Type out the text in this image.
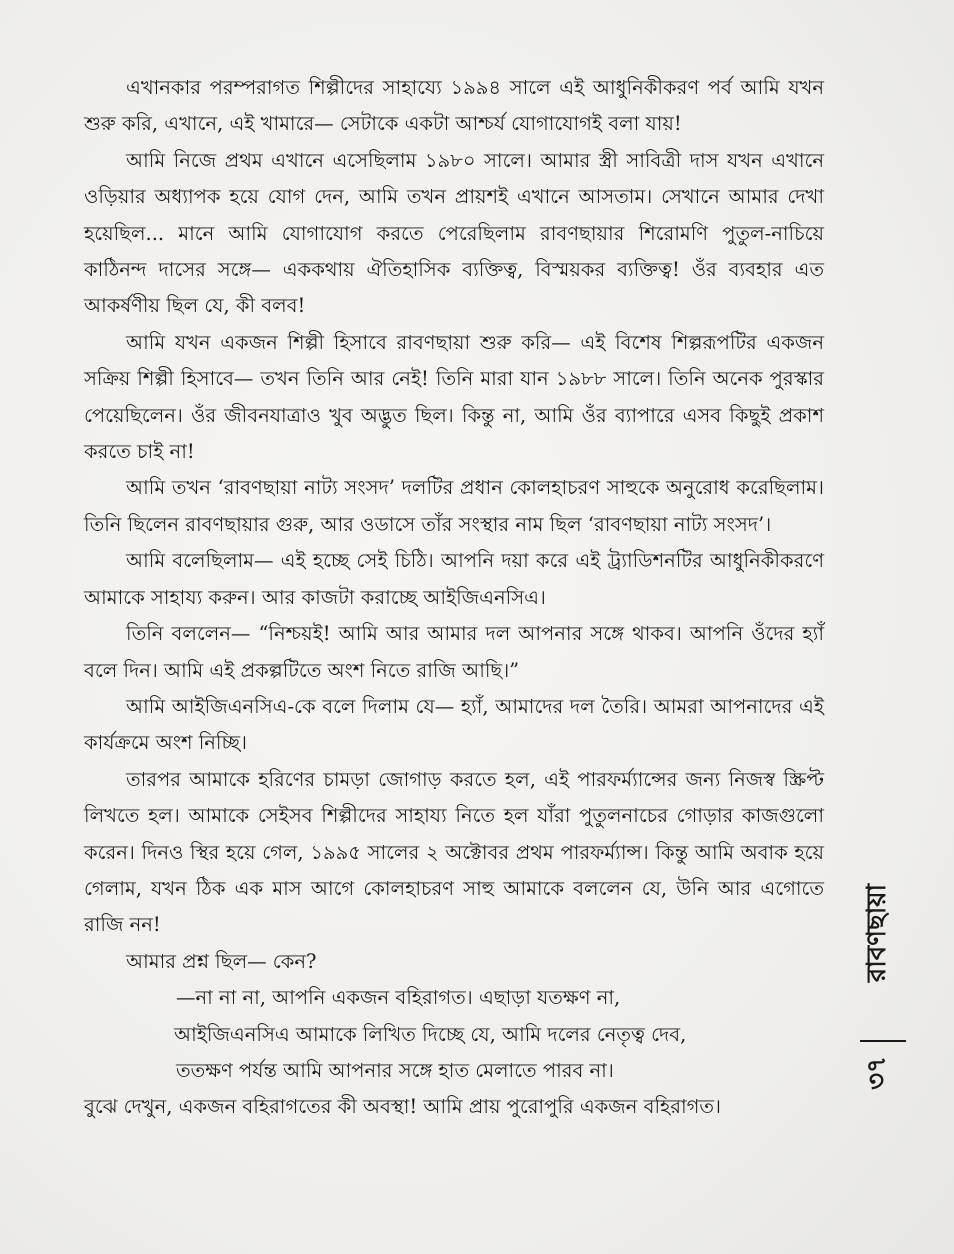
এখানকার পরম্পরাগত শিল্পীদের সাহায্যে ১৯৯৪ সালে এই আধুনিকীকরণ পর্ব আমি যখন শুরু করি, এখানে, এই খামারে— সেটাকে একটা আশ্চর্য যোগাযোগই বলা যায়!

আমি নিজে প্রথম এখানে এসেছিলাম ১৯৮০ সালে। আমার স্ত্রী সাবিত্রী দাস যখন এখানে ওড়িয়ার অধ্যাপক হয়ে যোগ দেন, আমি তখন প্রায়শই এখানে আসতাম। সেখানে আমার দেখা হয়েছিল... মানে আমি যোগাযোগ করতে পেরেছিলাম রাবণছায়ার শিরোমণি পুতুল-নাচিয়ে কাঠিনন্দ দাসের সঙ্গে— এককথায় ঐতিহাসিক ব্যক্তিত্ব, বিস্ময়কর ব্যক্তিত্ব! ওঁর ব্যবহার এত আকর্ষণীয় ছিল যে, কী বলব!

আমি যখন একজন শিল্পী হিসাবে রাবণছায়া শুরু করি— এই বিশেষ শিল্পরূপটির একজন সক্রিয় শিল্পী হিসাবে— তখন তিনি আর নেই! তিনি মারা যান ১৯৮৮ সালে। তিনি অনেক পুরস্কার পেয়েছিলেন। ওঁর জীবনযাত্রাও খুব অদ্ভুত ছিল। কিন্তু না, আমি ওঁর ব্যাপারে এসব কিছুই প্রকাশ করতে চাই না!

আমি তখন ‘রাবণছায়া নাট্য সংসদ’ দলটির প্রধান কোলহাচরণ সাহুকে অনুরোধ করেছিলাম। তিনি ছিলেন রাবণছায়ার গুরু, আর ওডাসে তাঁর সংস্থার নাম ছিল ‘রাবণছায়া নাট্য সংসদ’।

আমি বলেছিলাম— এই হচ্ছে সেই চিঠি। আপনি দয়া করে এই ট্র্যাডিশনটির আধুনিকীকরণে আমাকে সাহায্য করুন। আর কাজটা করাচ্ছে আইজিএনসিএ।

তিনি বললেন— “নিশ্চয়ই! আমি আর আমার দল আপনার সঙ্গে থাকব। আপনি ওঁদের হ্যাঁ বলে দিন। আমি এই প্রকল্পটিতে অংশ নিতে রাজি আছি।”

আমি আইজিএনসিএ-কে বলে দিলাম যে— হ্যাঁ, আমাদের দল তৈরি। আমরা আপনাদের এই কার্যক্রমে অংশ নিচ্ছি।

তারপর আমাকে হরিণের চামড়া জোগাড় করতে হল, এই পারফর্ম্যান্সের জন্য নিজস্ব স্ক্রিপ্ট লিখতে হল। আমাকে সেইসব শিল্পীদের সাহায্য নিতে হল যাঁরা পুতুলনাচের গোড়ার কাজগুলো করেন। দিনও স্থির হয়ে গেল, ১৯৯৫ সালের ২ অক্টোবর প্রথম পারফর্ম্যান্স। কিন্তু আমি অবাক হয়ে গেলাম, যখন ঠিক এক মাস আগে কোলহাচরণ সাহু আমাকে বললেন যে, উনি আর এগোতে রাজি নন!

আমার প্রশ্ন ছিল— কেন?

—না না না, আপনি একজন বহিরাগত। এছাড়া যতক্ষণ না,

আইজিএনসিএ আমাকে লিখিত দিচ্ছে যে, আমি দলের নেতৃত্ব দেব,

ততক্ষণ পর্যন্ত আমি আপনার সঙ্গে হাত মেলাতে পারব না।

বুঝে দেখুন, একজন বহিরাগতের কী অবস্থা! আমি প্রায় পুরোপুরি একজন বহিরাগত।

রাবণছায়া
৩৭
